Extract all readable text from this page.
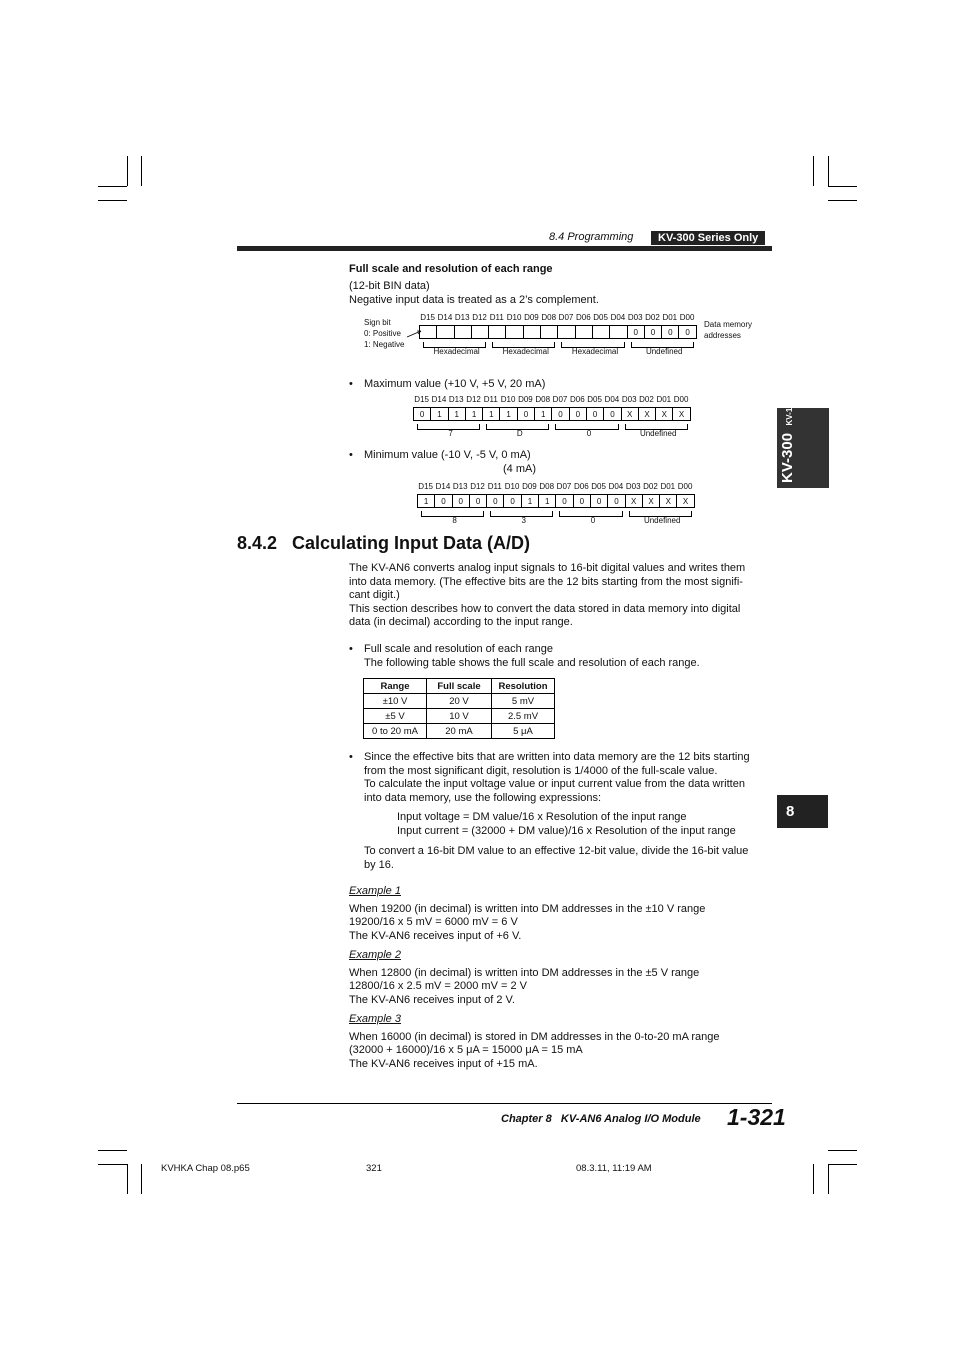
8.4 Programming	KV-300 Series Only
KV-300 KV-10/80
8
Full scale and resolution of each range
(12-bit BIN data)
Negative input data is treated as a 2’s complement.
D15 D14 D13 D12 D11 D10 D09 D08 D07 D06 D05 D04 D03 D02 D01 D00
Sign bit
0: Positive
1: Negative
0	0	0	0
Data memory
addresses
Hexadecimal	Hexadecimal	Hexadecimal	Undefined
• Maximum value (+10 V, +5 V, 20 mA)
D15 D14 D13 D12 D11 D10 D09 D08 D07 D06 D05 D04 D03 D02 D01 D00
0	1	1	1	1	1	0	1	0	0	0	0	X	X	X	X
7	D	0	Undefined
• Minimum value (-10 V, -5 V, 0 mA)
(4 mA)
D15 D14 D13 D12 D11 D10 D09 D08 D07 D06 D05 D04 D03 D02 D01 D00
1	0	0	0	0	0	1	1	0	0	0	0	X	X	X	X
8	3	0	Undefined
8.4.2   Calculating Input Data (A/D)
The KV-AN6 converts analog input signals to 16-bit digital values and writes them
into data memory. (The effective bits are the 12 bits starting from the most signifi-
cant digit.)
This section describes how to convert the data stored in data memory into digital
data (in decimal) according to the input range.
• Full scale and resolution of each range
The following table shows the full scale and resolution of each range.
Range	Full scale	Resolution
±10 V	20 V	5 mV
±5 V	10 V	2.5 mV
0 to 20 mA	20 mA	5 μA
• Since the effective bits that are written into data memory are the 12 bits starting
from the most significant digit, resolution is 1/4000 of the full-scale value.
To calculate the input voltage value or input current value from the data written
into data memory, use the following expressions:
Input voltage = DM value/16 x Resolution of the input range
Input current = (32000 + DM value)/16 x Resolution of the input range
To convert a 16-bit DM value to an effective 12-bit value, divide the 16-bit value
by 16.
Example 1
When 19200 (in decimal) is written into DM addresses in the ±10 V range
19200/16 x 5 mV = 6000 mV = 6 V
The KV-AN6 receives input of +6 V.
Example 2
When 12800 (in decimal) is written into DM addresses in the ±5 V range
12800/16 x 2.5 mV = 2000 mV = 2 V
The KV-AN6 receives input of 2 V.
Example 3
When 16000 (in decimal) is stored in DM addresses in the 0-to-20 mA range
(32000 + 16000)/16 x 5 μA = 15000 μA = 15 mA
The KV-AN6 receives input of +15 mA.
Chapter 8   KV-AN6 Analog I/O Module 1-321
KVHKA Chap 08.p65	321	08.3.11, 11:19 AM
